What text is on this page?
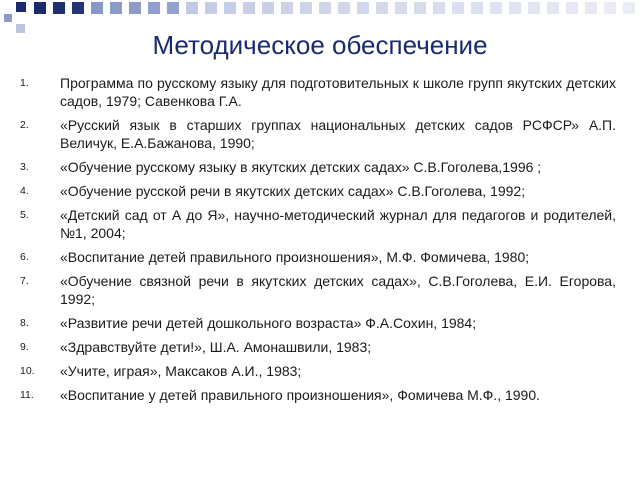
Методическое обеспечение
1.	Программа по русскому языку для подготовительных к школе групп якутских детских садов, 1979; Савенкова Г.А.
2.	«Русский язык в старших группах национальных детских садов РСФСР» А.П. Величук, Е.А.Бажанова, 1990;
3.	«Обучение русскому языку в якутских детских садах» С.В.Гоголева,1996 ;
4.	«Обучение русской речи в якутских детских садах» С.В.Гоголева, 1992;
5.	«Детский сад от А до Я», научно-методический журнал для педагогов и родителей, №1, 2004;
6.	«Воспитание детей правильного произношения», М.Ф. Фомичева, 1980;
7.	«Обучение связной речи в якутских детских садах», С.В.Гоголева, Е.И. Егорова, 1992;
8.	«Развитие речи детей дошкольного возраста» Ф.А.Сохин, 1984;
9.	«Здравствуйте дети!», Ш.А. Амонашвили, 1983;
10.	«Учите, играя», Максаков А.И., 1983;
11.	«Воспитание у детей правильного произношения», Фомичева М.Ф., 1990.
